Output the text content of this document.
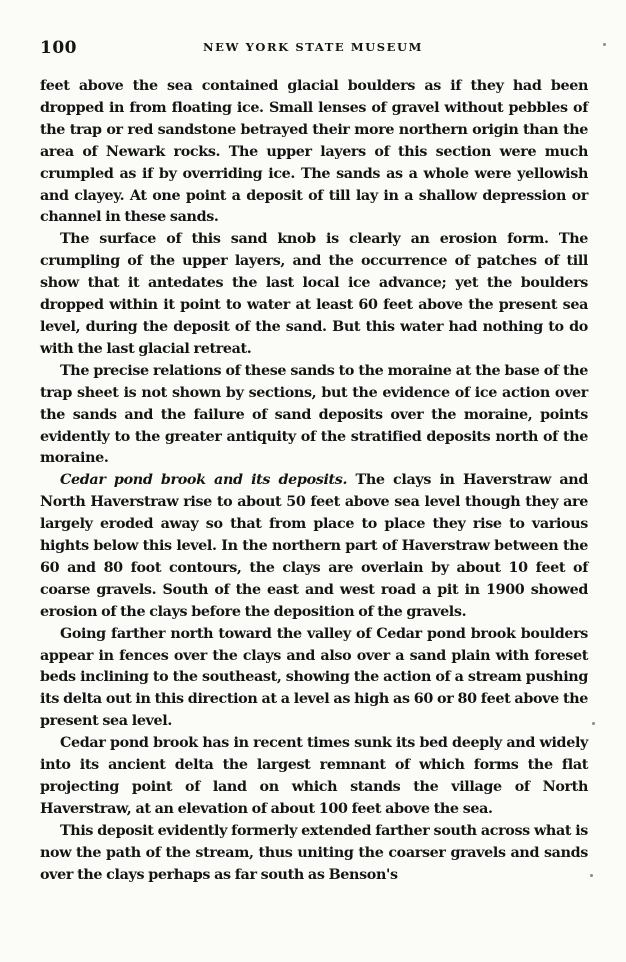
100	NEW YORK STATE MUSEUM

feet above the sea contained glacial boulders as if they had been dropped in from floating ice. Small lenses of gravel without pebbles of the trap or red sandstone betrayed their more northern origin than the area of Newark rocks. The upper layers of this section were much crumpled as if by overriding ice. The sands as a whole were yellowish and clayey. At one point a deposit of till lay in a shallow depression or channel in these sands.

The surface of this sand knob is clearly an erosion form. The crumpling of the upper layers, and the occurrence of patches of till show that it antedates the last local ice advance; yet the boulders dropped within it point to water at least 60 feet above the present sea level, during the deposit of the sand. But this water had nothing to do with the last glacial retreat.

The precise relations of these sands to the moraine at the base of the trap sheet is not shown by sections, but the evidence of ice action over the sands and the failure of sand deposits over the moraine, points evidently to the greater antiquity of the stratified deposits north of the moraine.

Cedar pond brook and its deposits. The clays in Haverstraw and North Haverstraw rise to about 50 feet above sea level though they are largely eroded away so that from place to place they rise to various hights below this level. In the northern part of Haverstraw between the 60 and 80 foot contours, the clays are overlain by about 10 feet of coarse gravels. South of the east and west road a pit in 1900 showed erosion of the clays before the deposition of the gravels.

Going farther north toward the valley of Cedar pond brook boulders appear in fences over the clays and also over a sand plain with foreset beds inclining to the southeast, showing the action of a stream pushing its delta out in this direction at a level as high as 60 or 80 feet above the present sea level.

Cedar pond brook has in recent times sunk its bed deeply and widely into its ancient delta the largest remnant of which forms the flat projecting point of land on which stands the village of North Haverstraw, at an elevation of about 100 feet above the sea.

This deposit evidently formerly extended farther south across what is now the path of the stream, thus uniting the coarser gravels and sands over the clays perhaps as far south as Benson's
